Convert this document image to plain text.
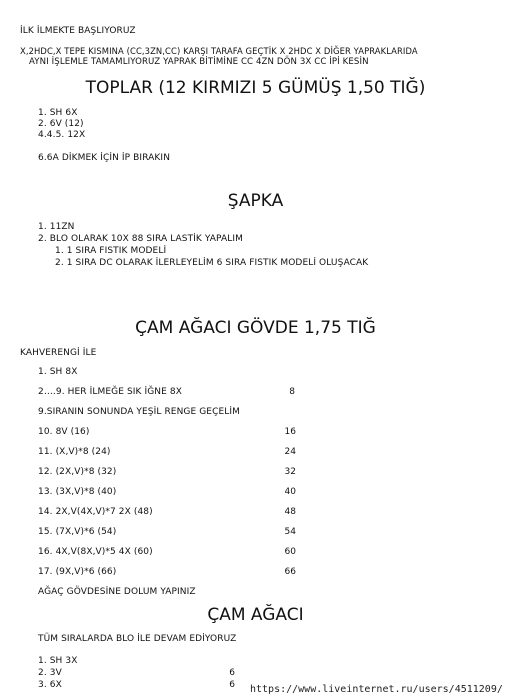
İLK İLMEKTE BAŞLIYORUZ
X,2HDC,X TEPE KISMINA (CC,3ZN,CC) KARŞI TARAFA GEÇTİK X 2HDC X DİĞER YAPRAKLARIDA
AYNI İŞLEMLE TAMAMLIYORUZ YAPRAK BİTİMİNE CC 4ZN DÖN 3X CC İPİ KESİN
TOPLAR (12 KIRMIZI 5 GÜMÜŞ 1,50 TIĞ)
1. SH 6X
2. 6V (12)
4.4.5. 12X
6.6A DİKMEK İÇİN İP BIRAKIN
ŞAPKA
1. 11ZN
2. BLO OLARAK 10X 88 SIRA LASTİK YAPALIM
1. 1 SIRA FISTIK MODELİ
2. 1 SIRA DC OLARAK İLERLEYELİM 6 SIRA FISTIK MODELİ OLUŞACAK
ÇAM AĞACI GÖVDE 1,75 TIĞ
KAHVERENGİ İLE
1. SH 8X
2….9. HER İLMEĞE SIK İĞNE 8X	8
9.SIRANIN SONUNDA YEŞİL RENGE GEÇELİM
10. 8V (16)	16
11. (X,V)*8 (24)	24
12. (2X,V)*8 (32)	32
13. (3X,V)*8 (40)	40
14. 2X,V(4X,V)*7 2X (48)	48
15. (7X,V)*6 (54)	54
16. 4X,V(8X,V)*5 4X (60)	60
17. (9X,V)*6 (66)	66
AĞAÇ GÖVDESİNE DOLUM YAPINIZ
ÇAM AĞACI
TÜM SIRALARDA BLO İLE DEVAM EDİYORUZ
1. SH 3X
2. 3V	6
3. 6X	6 https://www.liveinternet.ru/users/4511209/
